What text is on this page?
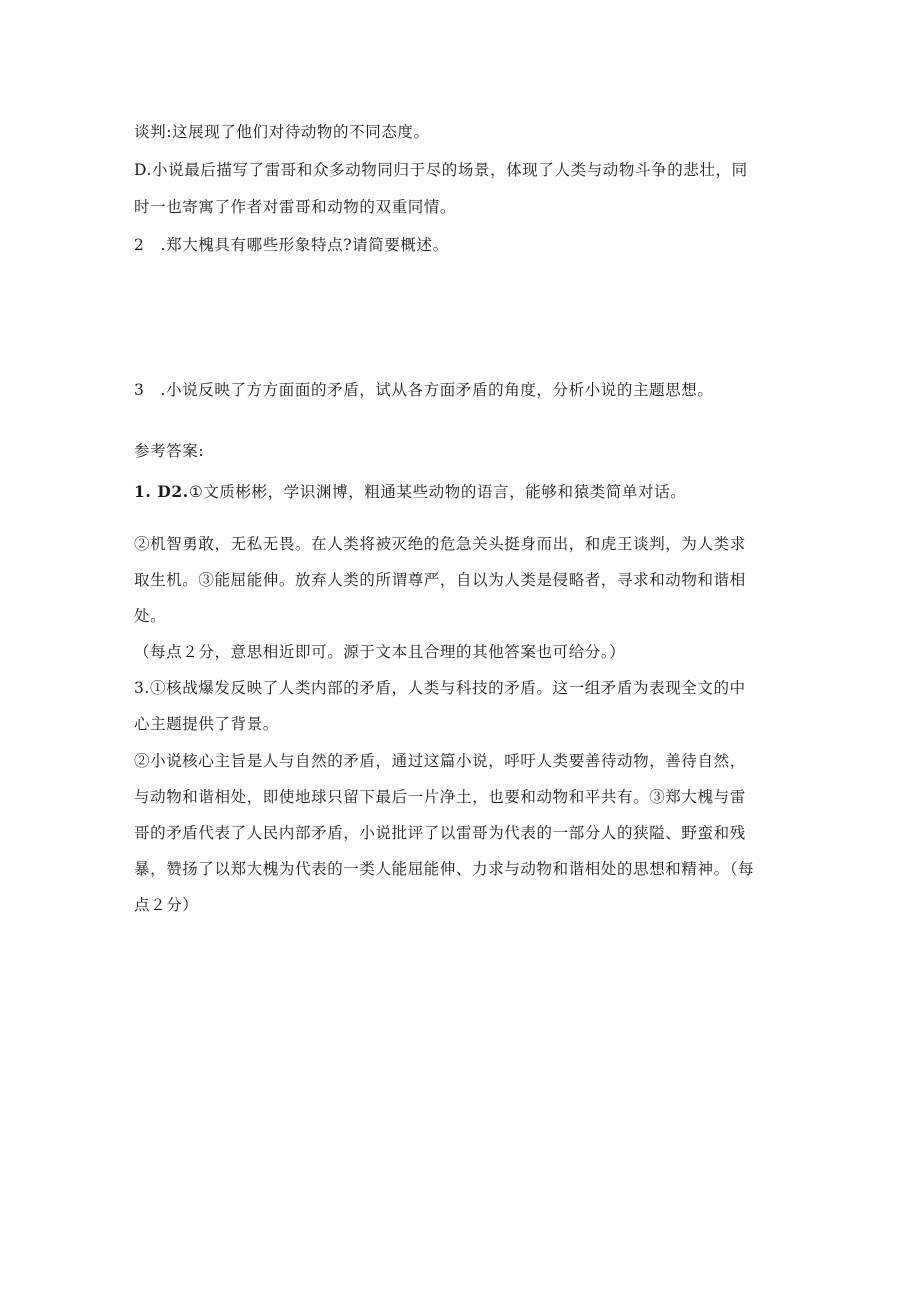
谈判:这展现了他们对待动物的不同态度。
D.小说最后描写了雷哥和众多动物同归于尽的场景，体现了人类与动物斗争的悲壮，同
时一也寄寓了作者对雷哥和动物的双重同情。
2　.郑大槐具有哪些形象特点?请简要概述。
3　.小说反映了方方面面的矛盾，试从各方面矛盾的角度，分析小说的主题思想。
参考答案:
1. D2.①文质彬彬，学识渊博，粗通某些动物的语言，能够和猿类简单对话。
②机智勇敢，无私无畏。在人类将被灭绝的危急关头挺身而出，和虎王谈判，为人类求
取生机。③能屈能伸。放弃人类的所谓尊严，自以为人类是侵略者，寻求和动物和谐相
处。
（每点２分，意思相近即可。源于文本且合理的其他答案也可给分。）
3.①核战爆发反映了人类内部的矛盾，人类与科技的矛盾。这一组矛盾为表现全文的中
心主题提供了背景。
②小说核心主旨是人与自然的矛盾，通过这篇小说，呼吁人类要善待动物，善待自然，
与动物和谐相处，即使地球只留下最后一片净土，也要和动物和平共有。③郑大槐与雷
哥的矛盾代表了人民内部矛盾，小说批评了以雷哥为代表的一部分人的狭隘、野蛮和残
暴，赞扬了以郑大槐为代表的一类人能屈能伸、力求与动物和谐相处的思想和精神。（每
点２分）
